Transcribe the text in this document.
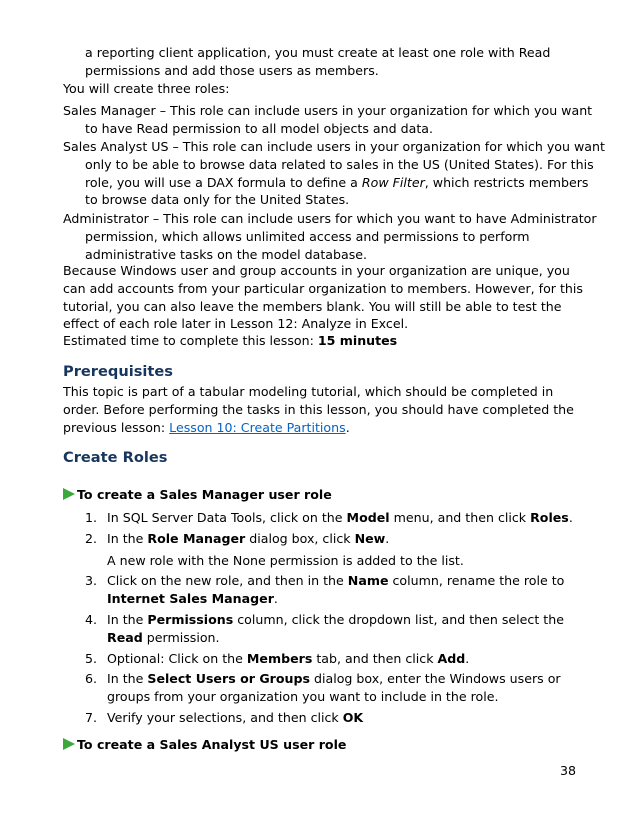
a reporting client application, you must create at least one role with Read permissions and add those users as members.

You will create three roles:

Sales Manager – This role can include users in your organization for which you want to have Read permission to all model objects and data.

Sales Analyst US – This role can include users in your organization for which you want only to be able to browse data related to sales in the US (United States). For this role, you will use a DAX formula to define a Row Filter, which restricts members to browse data only for the United States.

Administrator – This role can include users for which you want to have Administrator permission, which allows unlimited access and permissions to perform administrative tasks on the model database.

Because Windows user and group accounts in your organization are unique, you can add accounts from your particular organization to members. However, for this tutorial, you can also leave the members blank. You will still be able to test the effect of each role later in Lesson 12: Analyze in Excel.

Estimated time to complete this lesson: 15 minutes

Prerequisites

This topic is part of a tabular modeling tutorial, which should be completed in order. Before performing the tasks in this lesson, you should have completed the previous lesson: Lesson 10: Create Partitions.

Create Roles

To create a Sales Manager user role

1. In SQL Server Data Tools, click on the Model menu, and then click Roles.
2. In the Role Manager dialog box, click New.
A new role with the None permission is added to the list.
3. Click on the new role, and then in the Name column, rename the role to Internet Sales Manager.
4. In the Permissions column, click the dropdown list, and then select the Read permission.
5. Optional: Click on the Members tab, and then click Add.
6. In the Select Users or Groups dialog box, enter the Windows users or groups from your organization you want to include in the role.
7. Verify your selections, and then click OK

To create a Sales Analyst US user role

38
